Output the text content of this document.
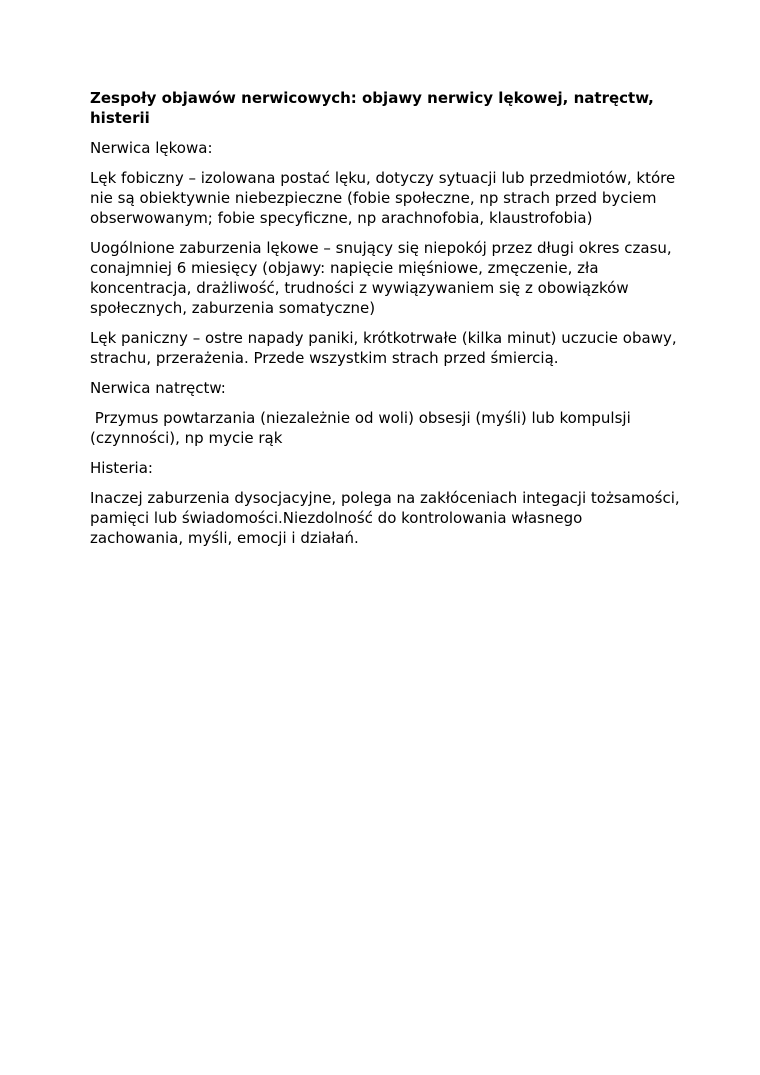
Zespoły objawów nerwicowych: objawy nerwicy lękowej, natręctw, histerii

Nerwica lękowa:

Lęk fobiczny – izolowana postać lęku, dotyczy sytuacji lub przedmiotów, które nie są obiektywnie niebezpieczne (fobie społeczne, np strach przed byciem obserwowanym; fobie specyficzne, np arachnofobia, klaustrofobia)

Uogólnione zaburzenia lękowe – snujący się niepokój przez długi okres czasu, conajmniej 6 miesięcy (objawy: napięcie mięśniowe, zmęczenie, zła koncentracja, drażliwość, trudności z wywiązywaniem się z obowiązków społecznych, zaburzenia somatyczne)

Lęk paniczny – ostre napady paniki, krótkotrwałe (kilka minut) uczucie obawy, strachu, przerażenia. Przede wszystkim strach przed śmiercią.

Nerwica natręctw:

Przymus powtarzania (niezależnie od woli) obsesji (myśli) lub kompulsji (czynności), np mycie rąk

Histeria:

Inaczej zaburzenia dysocjacyjne, polega na zakłóceniach integacji tożsamości, pamięci lub świadomości.Niezdolność do kontrolowania własnego zachowania, myśli, emocji i działań.
